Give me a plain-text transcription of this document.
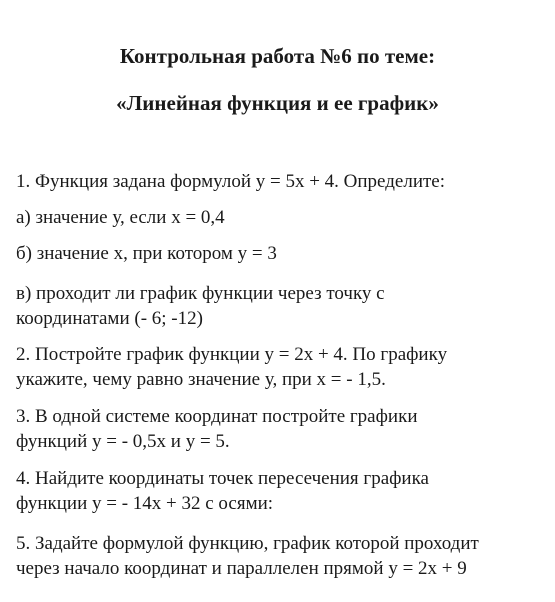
Контрольная работа №6 по теме:
«Линейная функция и ее график»
1. Функция задана формулой у = 5х + 4. Определите:
а) значение у, если х = 0,4
б) значение х, при котором у = 3
в) проходит ли график функции через точку с
координатами (- 6; -12)
2. Постройте график функции у = 2х + 4. По графику
укажите, чему равно значение у, при х = - 1,5.
3. В одной системе координат постройте графики
функций у = - 0,5х и у = 5.
4. Найдите координаты точек пересечения графика
функции у = - 14х + 32 с осями:
5. Задайте формулой функцию, график которой проходит
через начало координат и параллелен прямой у = 2х + 9
